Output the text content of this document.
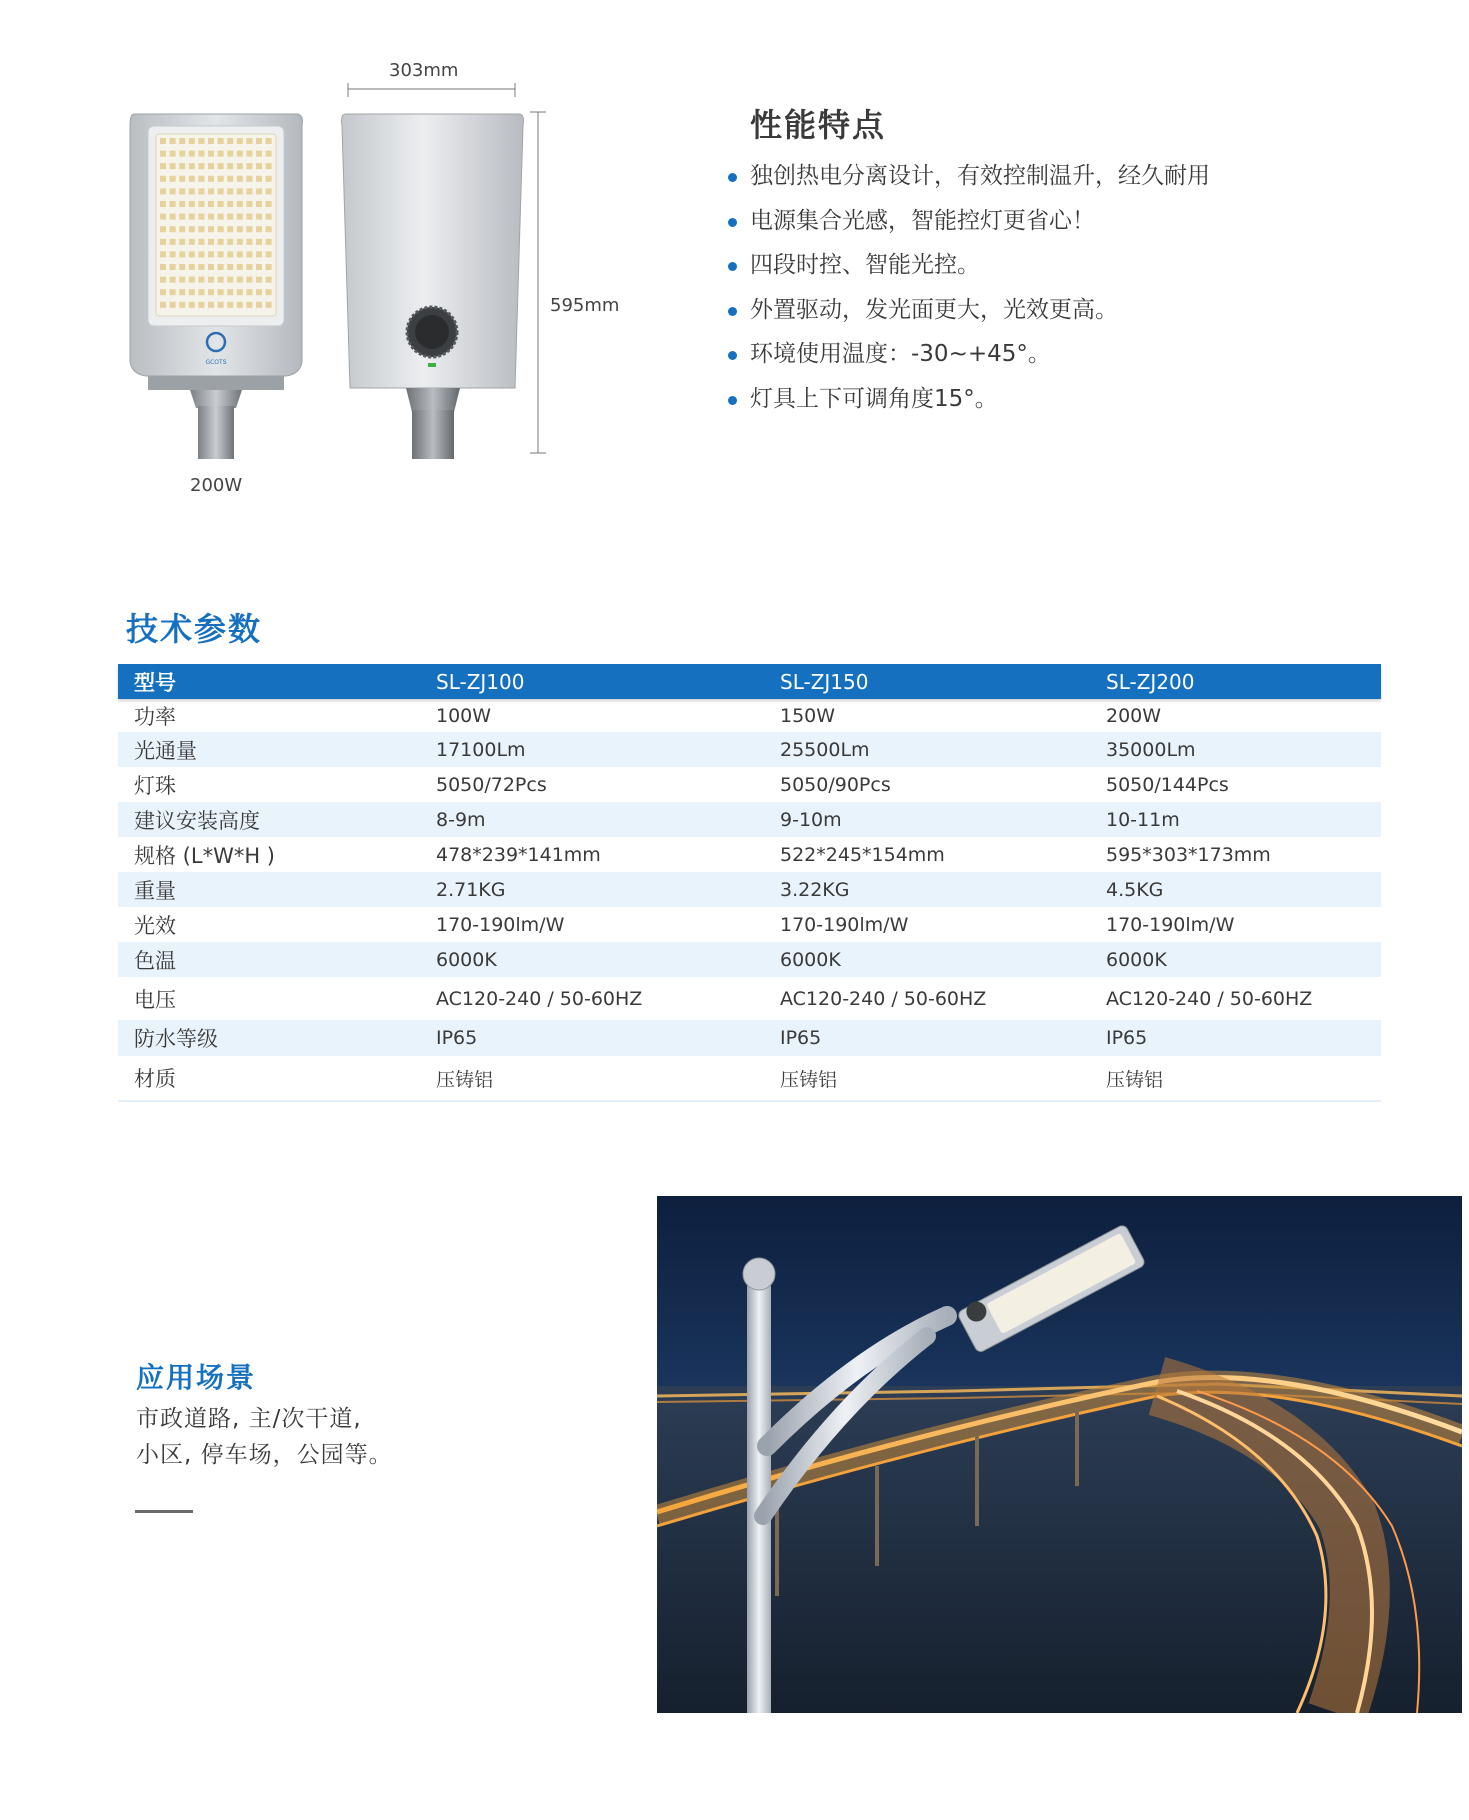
303mm
595mm
200W
GCOTS
性能特点
独创热电分离设计，有效控制温升，经久耐用
电源集合光感，智能控灯更省心！
四段时控、智能光控。
外置驱动，发光面更大，光效更高。
环境使用温度：-30~+45°。
灯具上下可调角度15°。
技术参数
型号	SL-ZJ100	SL-ZJ150	SL-ZJ200
功率	100W	150W	200W
光通量	17100Lm	25500Lm	35000Lm
灯珠	5050/72Pcs	5050/90Pcs	5050/144Pcs
建议安装高度	8-9m	9-10m	10-11m
规格 (L*W*H )	478*239*141mm	522*245*154mm	595*303*173mm
重量	2.71KG	3.22KG	4.5KG
光效	170-190lm/W	170-190lm/W	170-190lm/W
色温	6000K	6000K	6000K
电压	AC120-240 / 50-60HZ	AC120-240 / 50-60HZ	AC120-240 / 50-60HZ
防水等级	IP65	IP65	IP65
材质	压铸铝	压铸铝	压铸铝
应用场景
市政道路, 主/次干道,
小区, 停车场，公园等。
